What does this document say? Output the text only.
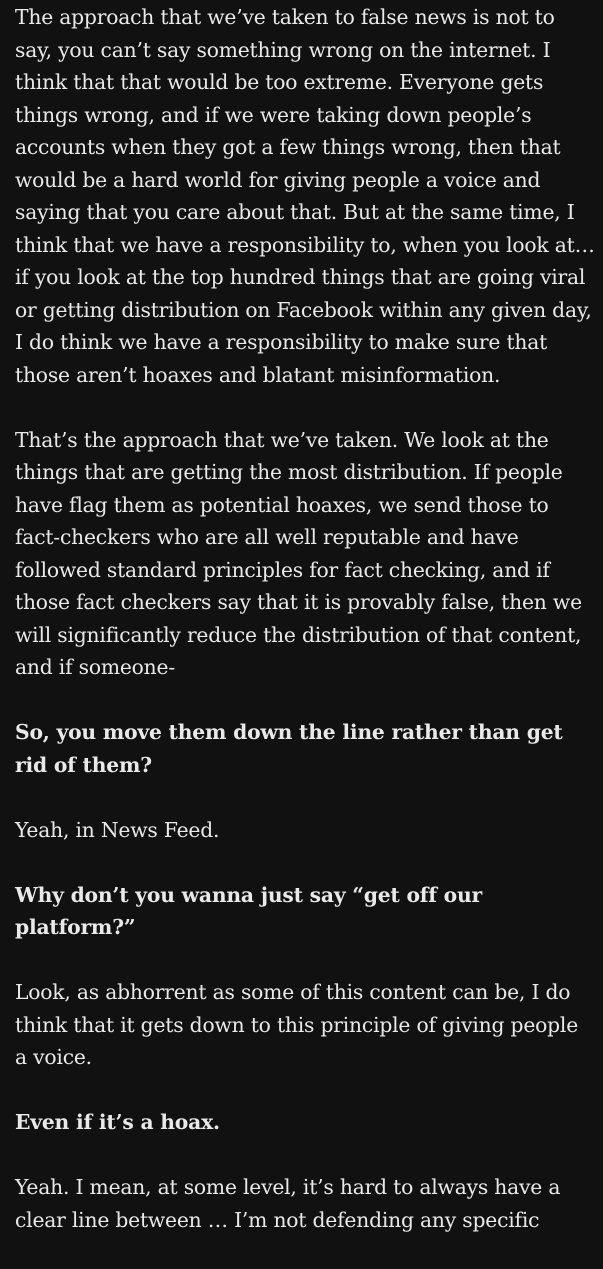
The approach that we’ve taken to false news is not to say, you can’t say something wrong on the internet. I think that that would be too extreme. Everyone gets things wrong, and if we were taking down people’s accounts when they got a few things wrong, then that would be a hard world for giving people a voice and saying that you care about that. But at the same time, I think that we have a responsibility to, when you look at… if you look at the top hundred things that are going viral or getting distribution on Facebook within any given day, I do think we have a responsibility to make sure that those aren’t hoaxes and blatant misinformation.

That’s the approach that we’ve taken. We look at the things that are getting the most distribution. If people have flag them as potential hoaxes, we send those to fact-checkers who are all well reputable and have followed standard principles for fact checking, and if those fact checkers say that it is provably false, then we will significantly reduce the distribution of that content, and if someone-

So, you move them down the line rather than get rid of them?

Yeah, in News Feed.

Why don’t you wanna just say “get off our platform?”

Look, as abhorrent as some of this content can be, I do think that it gets down to this principle of giving people a voice.

Even if it’s a hoax.

Yeah. I mean, at some level, it’s hard to always have a clear line between … I’m not defending any specific
